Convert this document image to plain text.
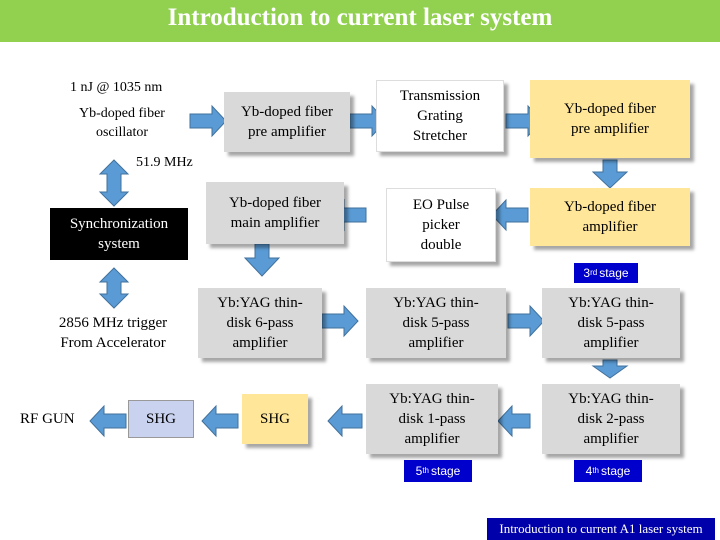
Introduction to current laser system
1 nJ @ 1035 nm
Yb-doped fiber
oscillator
Yb-doped fiber
pre amplifier
Transmission
Grating
Stretcher
Yb-doped fiber
pre amplifier
51.9 MHz
Synchronization
system
Yb-doped fiber
main amplifier
EO Pulse
picker
double
Yb-doped fiber
amplifier
3rd stage
2856 MHz trigger
From Accelerator
Yb:YAG thin-
disk 6-pass
amplifier
Yb:YAG thin-
disk 5-pass
amplifier
Yb:YAG thin-
disk 5-pass
amplifier
RF GUN	SHG	SHG
Yb:YAG thin-
disk 1-pass
amplifier
Yb:YAG thin-
disk 2-pass
amplifier
5th stage	4th stage
Introduction to current A1 laser system
